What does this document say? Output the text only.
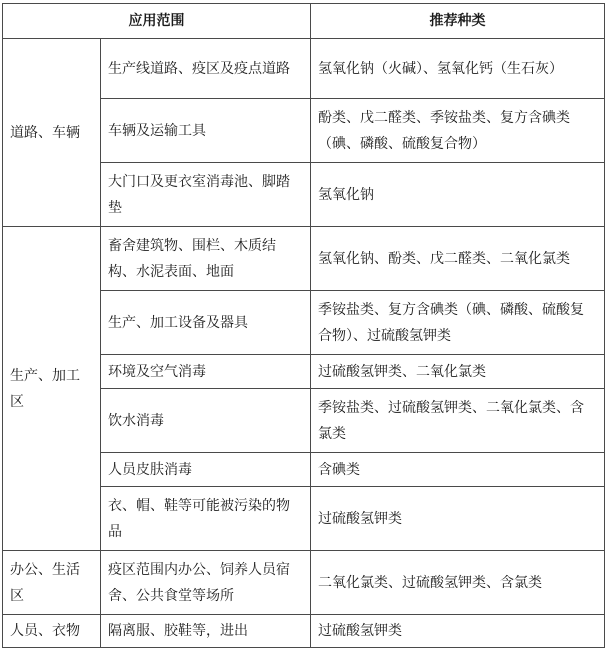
应用范围		推荐种类
道路、车辆	生产线道路、疫区及疫点道路	氢氧化钠（火碱）、氢氧化钙（生石灰）
	车辆及运输工具	酚类、戊二醛类、季铵盐类、复方含碘类（碘、磷酸、硫酸复合物）
	大门口及更衣室消毒池、脚踏垫	氢氧化钠
生产、加工区	畜舍建筑物、围栏、木质结构、水泥表面、地面	氢氧化钠、酚类、戊二醛类、二氧化氯类
	生产、加工设备及器具	季铵盐类、复方含碘类（碘、磷酸、硫酸复合物）、过硫酸氢钾类
	环境及空气消毒	过硫酸氢钾类、二氧化氯类
	饮水消毒	季铵盐类、过硫酸氢钾类、二氧化氯类、含氯类
	人员皮肤消毒	含碘类
	衣、帽、鞋等可能被污染的物品	过硫酸氢钾类
办公、生活区	疫区范围内办公、饲养人员宿舍、公共食堂等场所	二氧化氯类、过硫酸氢钾类、含氯类
人员、衣物	隔离服、胶鞋等，进出	过硫酸氢钾类
